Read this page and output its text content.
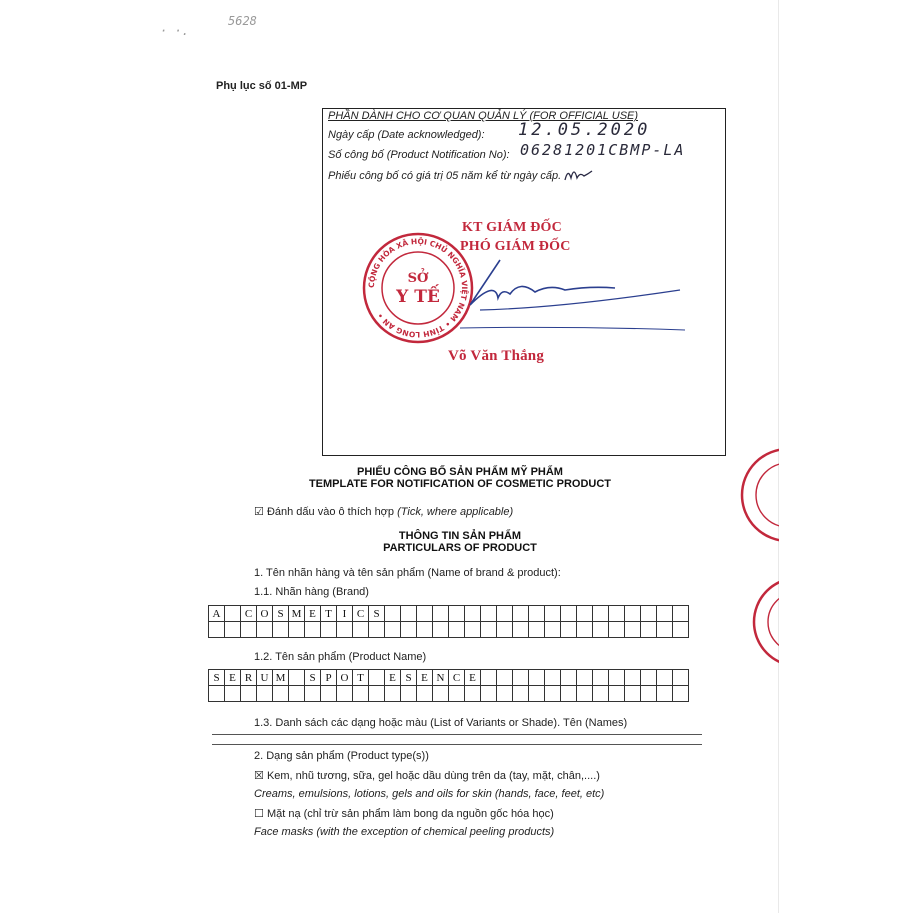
· ·.
5628
Phụ lục số 01-MP
PHẦN DÀNH CHO CƠ QUAN QUẢN LÝ (FOR OFFICIAL USE)
Ngày cấp (Date acknowledged): 12.05.2020
Số công bố (Product Notification No): 06281201CBMP-LA
Phiếu công bố có giá trị 05 năm kể từ ngày cấp.
KT GIÁM ĐỐC
PHÓ GIÁM ĐỐC
CỘNG HÒA XÃ HỘI CHỦ NGHĨA VIỆT NAM • TỈNH LONG AN •
SỞ
Y TẾ
Võ Văn Thắng
PHIẾU CÔNG BỐ SẢN PHẨM MỸ PHẨM
TEMPLATE FOR NOTIFICATION OF COSMETIC PRODUCT
☑ Đánh dấu vào ô thích hợp (Tick, where applicable)
THÔNG TIN SẢN PHẨM
PARTICULARS OF PRODUCT
1. Tên nhãn hàng và tên sản phẩm (Name of brand & product):
1.1. Nhãn hàng (Brand)
A		C	O	S	M	E	T	I	C	S																			

1.2. Tên sản phẩm (Product Name)
S	E	R	U	M		S	P	O	T		E	S	E	N	C	E													

1.3. Danh sách các dạng hoặc màu (List of Variants or Shade). Tên (Names)
2. Dạng sản phẩm (Product type(s))
☒ Kem, nhũ tương, sữa, gel hoặc dầu dùng trên da (tay, mặt, chân,....)
Creams, emulsions, lotions, gels and oils for skin (hands, face, feet, etc)
☐ Mặt nạ (chỉ trừ sản phẩm làm bong da nguồn gốc hóa học)
Face masks (with the exception of chemical peeling products)
